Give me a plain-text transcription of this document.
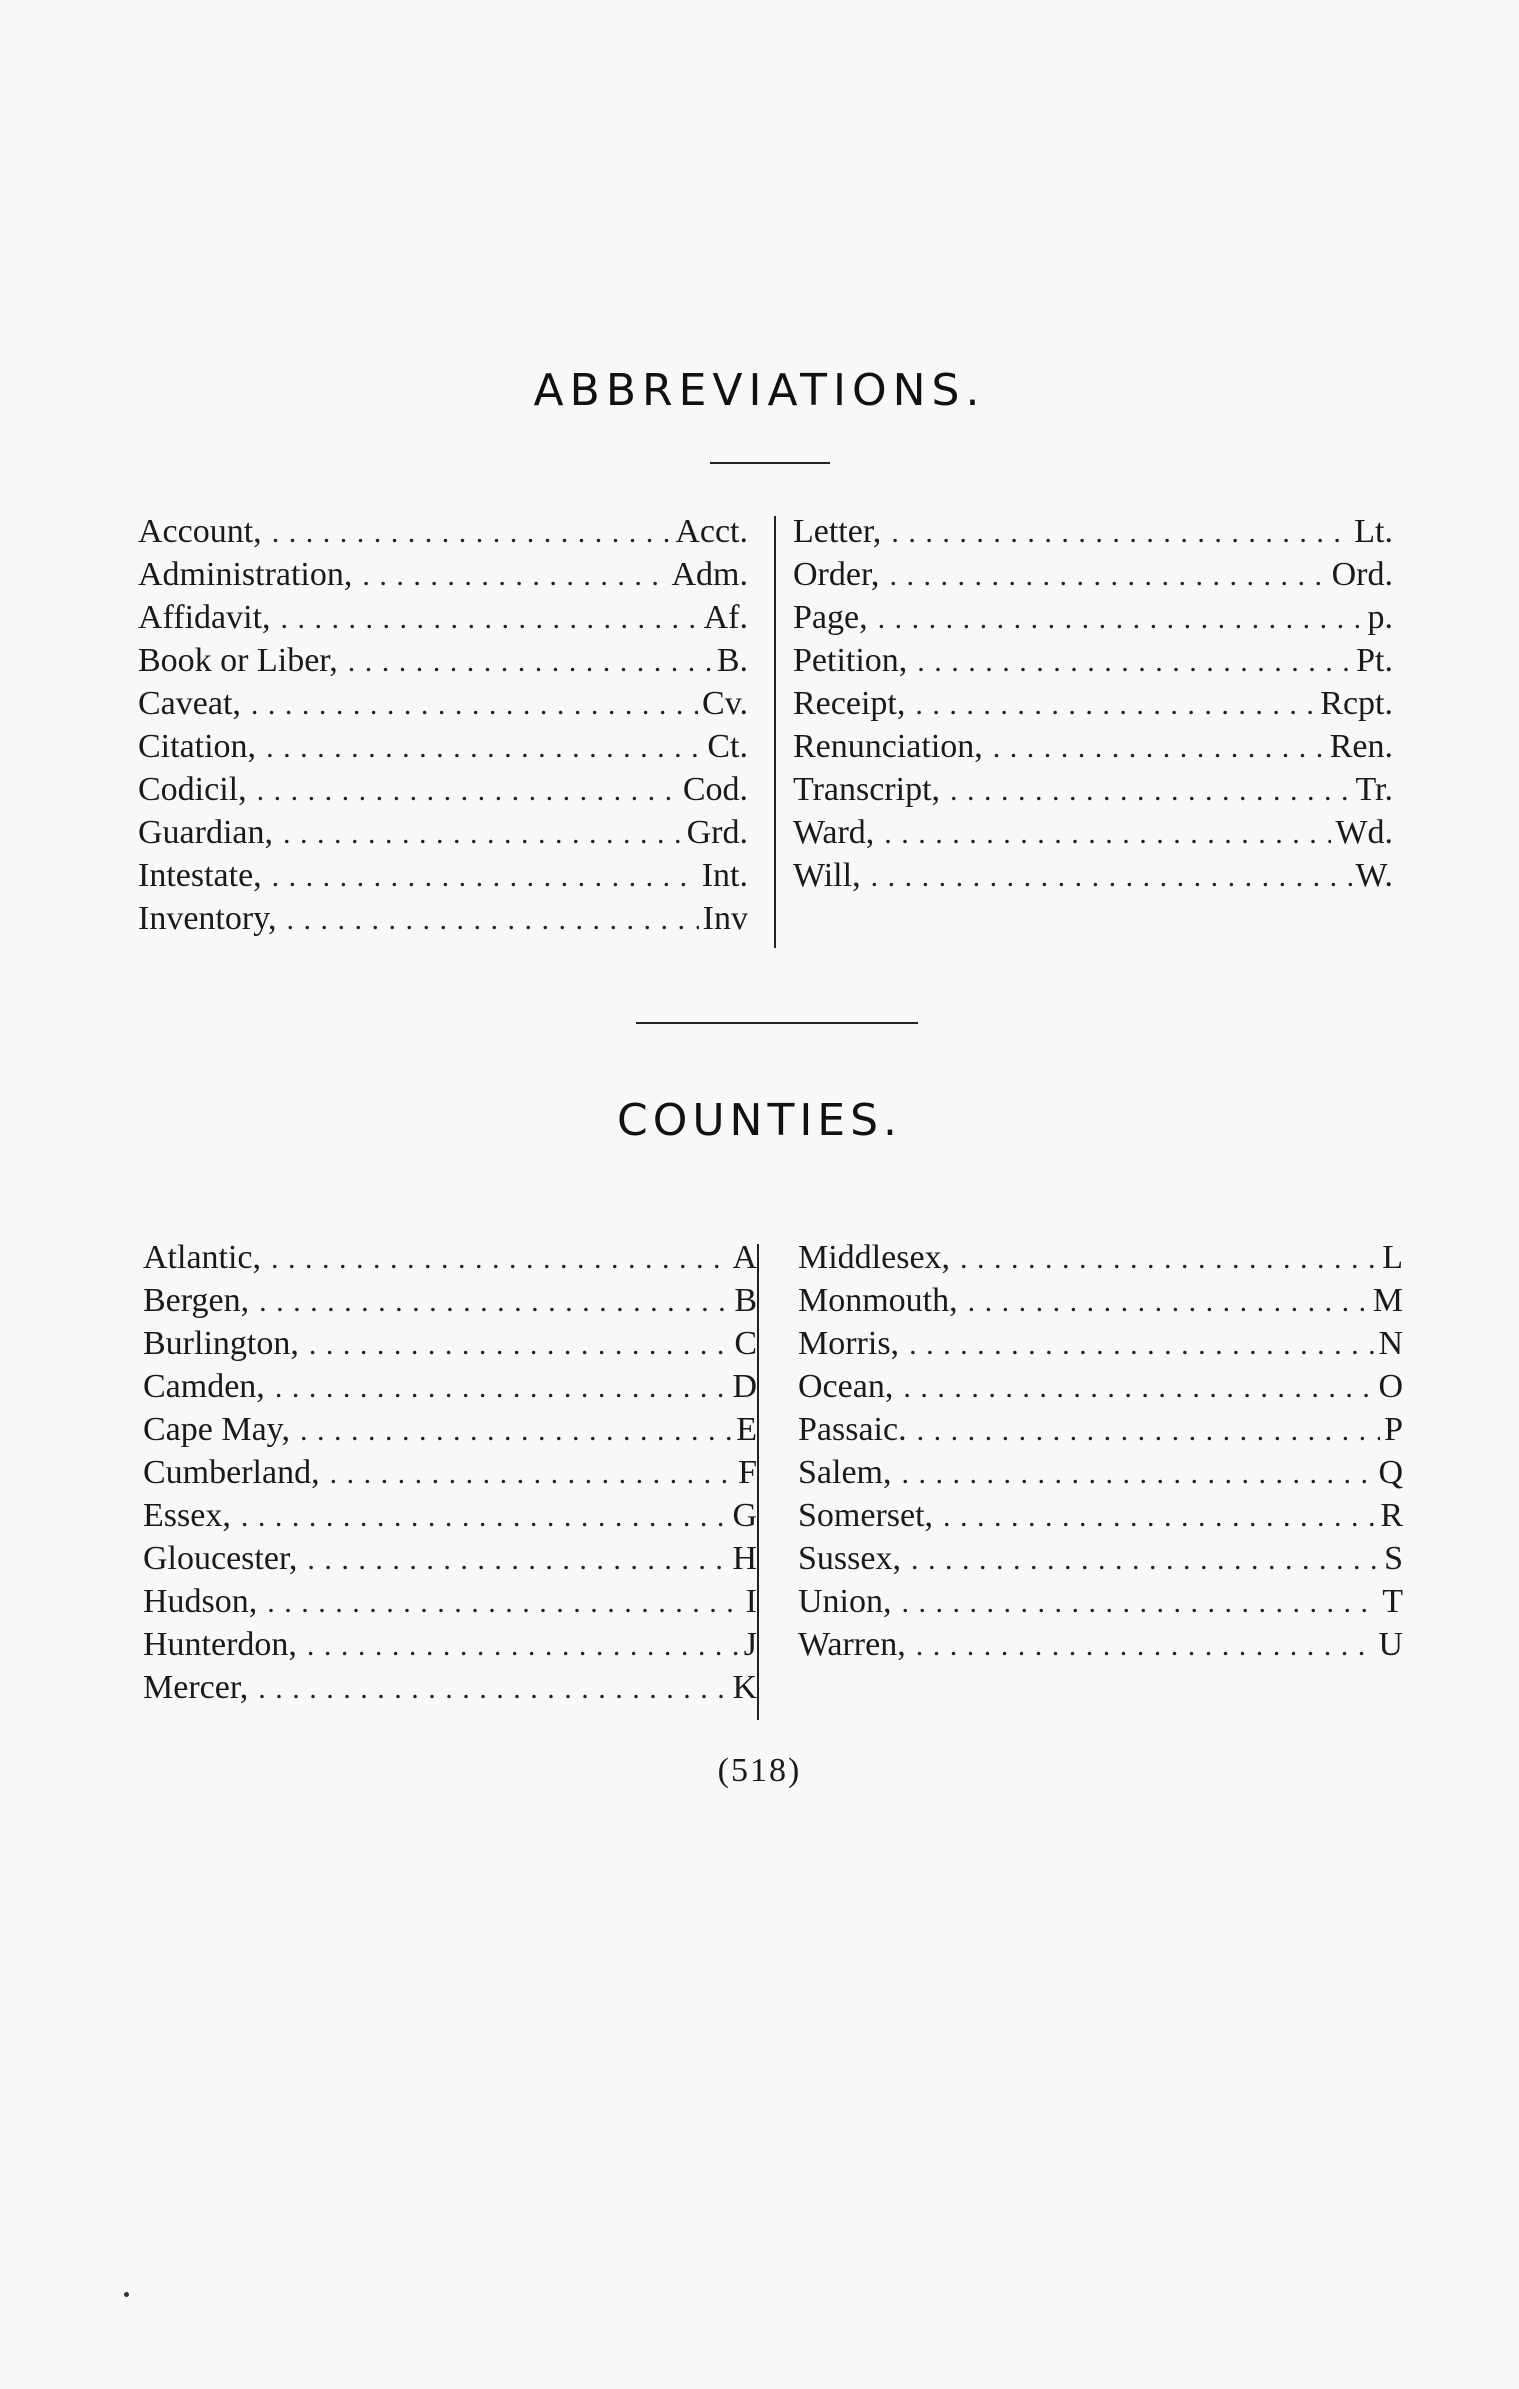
ABBREVIATIONS.
Account, . . .	Acct.
Administration, . . .	Adm.
Affidavit, . . .	Af.
Book or Liber, . . .	B.
Caveat, . . .	Cv.
Citation, . . .	Ct.
Codicil, . . .	Cod.
Guardian, . . .	Grd.
Intestate, . . .	Int.
Inventory, . . .	Inv
Letter, . . .	Lt.
Order, . . .	Ord.
Page, . . .	p.
Petition, . . .	Pt.
Receipt, . . .	Rcpt.
Renunciation, . . .	Ren.
Transcript, . . .	Tr.
Ward, . . .	Wd.
Will, . . .	W.
COUNTIES.
Atlantic, . . .	A
Bergen, . . .	B
Burlington, . . .	C
Camden, . . .	D
Cape May, . . .	E
Cumberland, . . .	F
Essex, . . .	G
Gloucester, . . .	H
Hudson, . . .	I
Hunterdon, . . .	J
Mercer, . . .	K
Middlesex, . . .	L
Monmouth, . . .	M
Morris, . . .	N
Ocean, . . .	O
Passaic. . . .	P
Salem, . . .	Q
Somerset, . . .	R
Sussex, . . .	S
Union, . . .	T
Warren, . . .	U
(518)
